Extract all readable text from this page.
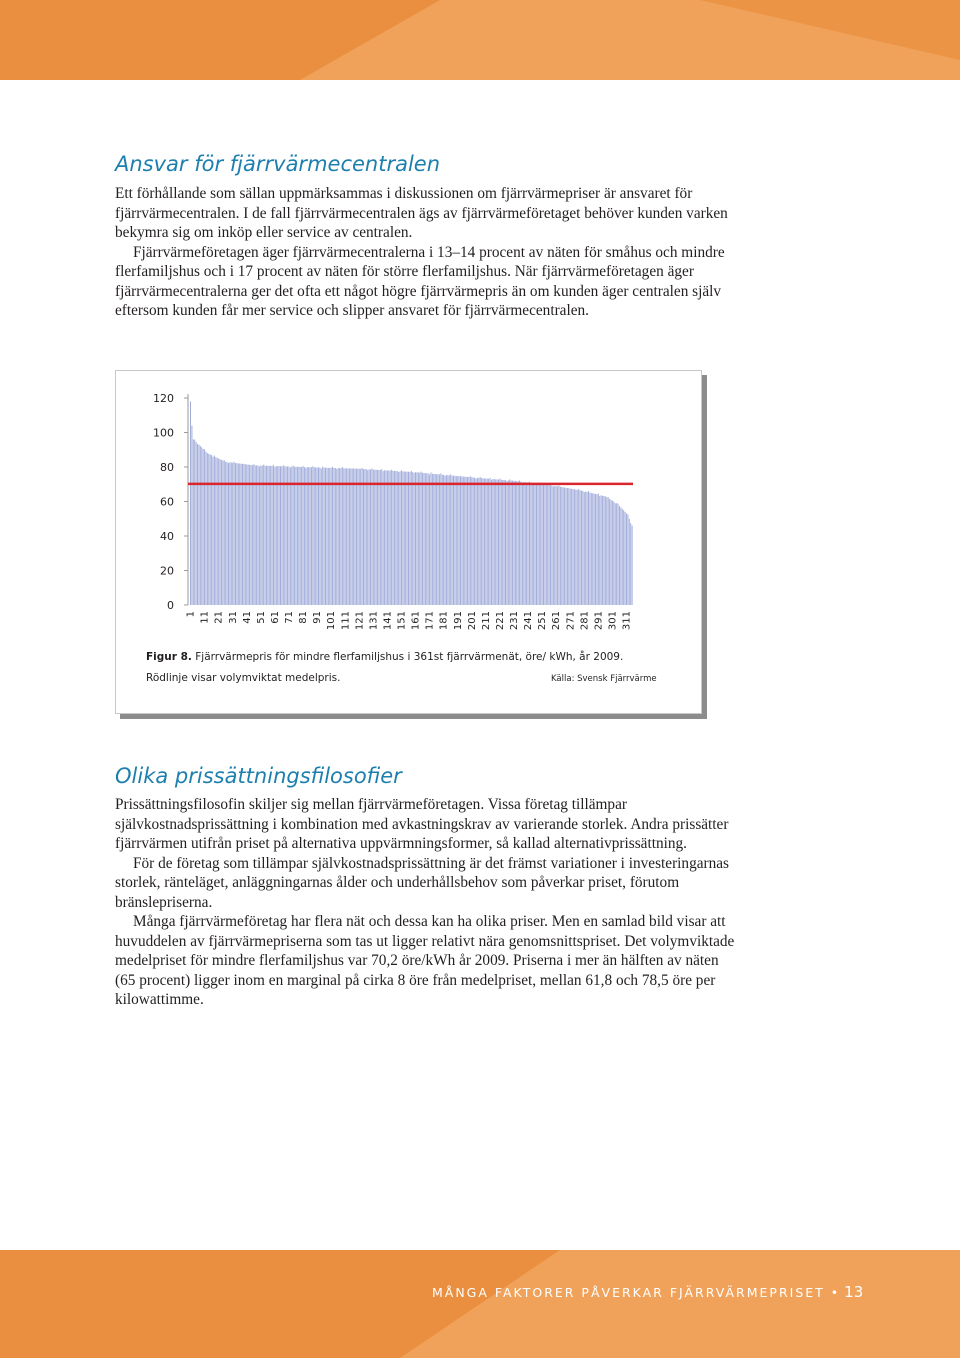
Ansvar för fjärrvärmecentralen

Ett förhållande som sällan uppmärksammas i diskussionen om fjärrvärmepriser är ansvaret för fjärrvärmecentralen. I de fall fjärrvärmecentralen ägs av fjärrvärmeföretaget behöver kunden varken bekymra sig om inköp eller service av centralen.

Fjärrvärmeföretagen äger fjärrvärmecentralerna i 13–14 procent av näten för småhus och mindre flerfamiljshus och i 17 procent av näten för större flerfamiljshus. När fjärrvärmeföretagen äger fjärrvärmecentralerna ger det ofta ett något högre fjärrvärmepris än om kunden äger centralen själv eftersom kunden får mer service och slipper ansvaret för fjärrvärmecentralen.

0
20
40
60
80
100
120
1 11 21 31 41 51 61 71 81 91 101 111 121 131 141 151 161 171 181 191 201 211 221 231 241 251 261 271 281 291 301 311
Figur 8. Fjärrvärmepris för mindre flerfamiljshus i 361st fjärrvärmenät, öre/ kWh, år 2009.
Rödlinje visar volymviktat medelpris.	Källa: Svensk Fjärrvärme
Olika prissättningsfilosofier

Prissättningsfilosofin skiljer sig mellan fjärrvärmeföretagen. Vissa företag tillämpar självkostnadsprissättning i kombination med avkastningskrav av varierande storlek. Andra prissätter fjärrvärmen utifrån priset på alternativa uppvärmningsformer, så kallad alternativprissättning.

För de företag som tillämpar självkostnadsprissättning är det främst variationer i investeringarnas storlek, ränteläget, anläggningarnas ålder och underhållsbehov som påverkar priset, förutom bränslepriserna.

Många fjärrvärmeföretag har flera nät och dessa kan ha olika priser. Men en samlad bild visar att huvuddelen av fjärrvärmepriserna som tas ut ligger relativt nära genomsnittspriset. Det volymviktade medelpriset för mindre flerfamiljshus var 70,2 öre/kWh år 2009. Priserna i mer än hälften av näten (65 procent) ligger inom en marginal på cirka 8 öre från medelpriset, mellan 61,8 och 78,5 öre per kilowattimme.

MÅNGA FAKTORER PÅVERKAR FJÄRRVÄRMEPRISET • 13
